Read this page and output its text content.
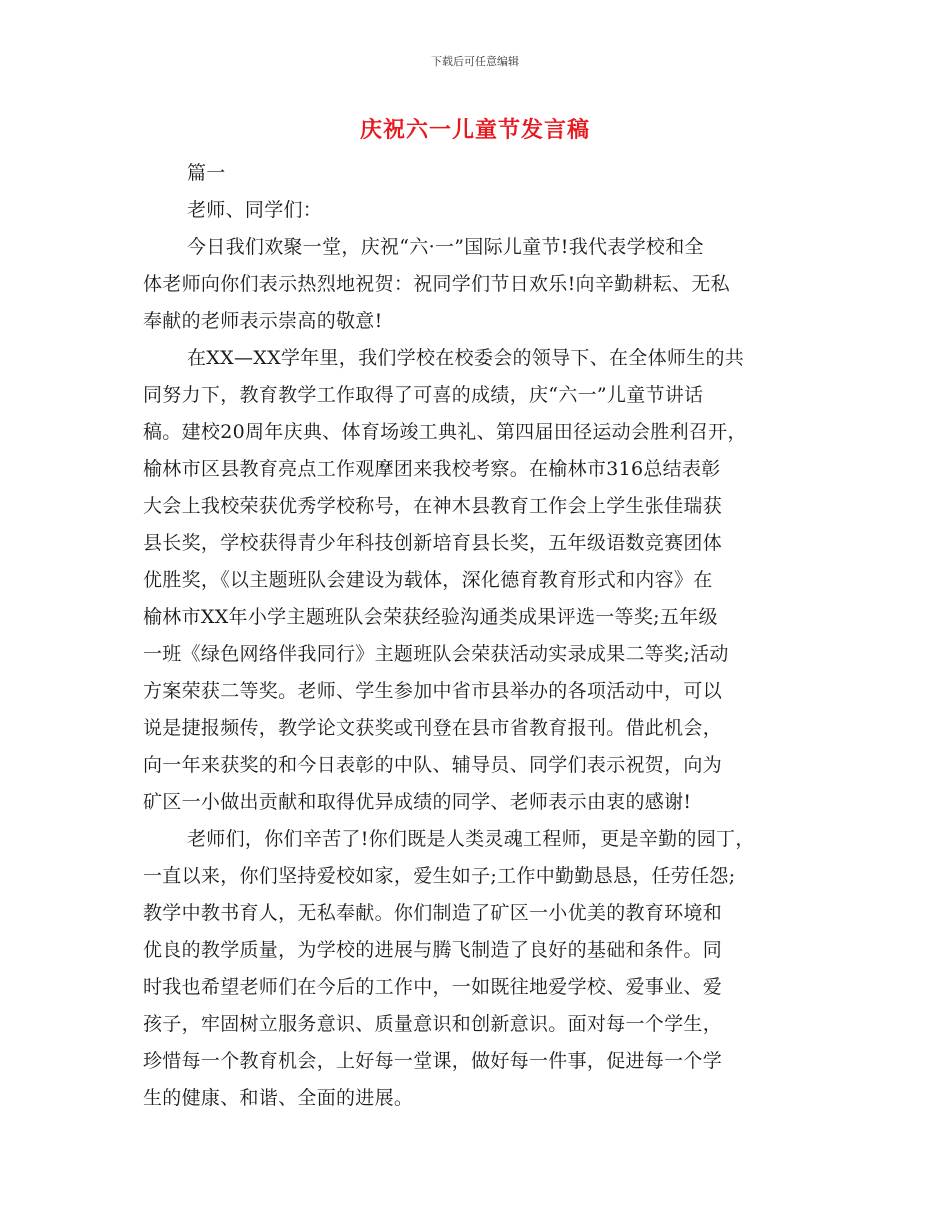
下载后可任意编辑
庆祝六一儿童节发言稿
篇一
老师、同学们：
今日我们欢聚一堂，庆祝“六·一”国际儿童节!我代表学校和全
体老师向你们表示热烈地祝贺：祝同学们节日欢乐!向辛勤耕耘、无私
奉献的老师表示崇高的敬意!
在XX—XX学年里，我们学校在校委会的领导下、在全体师生的共
同努力下，教育教学工作取得了可喜的成绩，庆“六一”儿童节讲话
稿。建校20周年庆典、体育场竣工典礼、第四届田径运动会胜利召开，
榆林市区县教育亮点工作观摩团来我校考察。在榆林市316总结表彰
大会上我校荣获优秀学校称号，在神木县教育工作会上学生张佳瑞获
县长奖，学校获得青少年科技创新培育县长奖，五年级语数竞赛团体
优胜奖，《以主题班队会建设为载体，深化德育教育形式和内容》在
榆林市XX年小学主题班队会荣获经验沟通类成果评选一等奖;五年级
一班《绿色网络伴我同行》主题班队会荣获活动实录成果二等奖;活动
方案荣获二等奖。老师、学生参加中省市县举办的各项活动中，可以
说是捷报频传，教学论文获奖或刊登在县市省教育报刊。借此机会，
向一年来获奖的和今日表彰的中队、辅导员、同学们表示祝贺，向为
矿区一小做出贡献和取得优异成绩的同学、老师表示由衷的感谢!
老师们，你们辛苦了!你们既是人类灵魂工程师，更是辛勤的园丁，
一直以来，你们坚持爱校如家，爱生如子;工作中勤勤恳恳，任劳任怨;
教学中教书育人，无私奉献。你们制造了矿区一小优美的教育环境和
优良的教学质量，为学校的进展与腾飞制造了良好的基础和条件。同
时我也希望老师们在今后的工作中，一如既往地爱学校、爱事业、爱
孩子，牢固树立服务意识、质量意识和创新意识。面对每一个学生，
珍惜每一个教育机会，上好每一堂课，做好每一件事，促进每一个学
生的健康、和谐、全面的进展。
